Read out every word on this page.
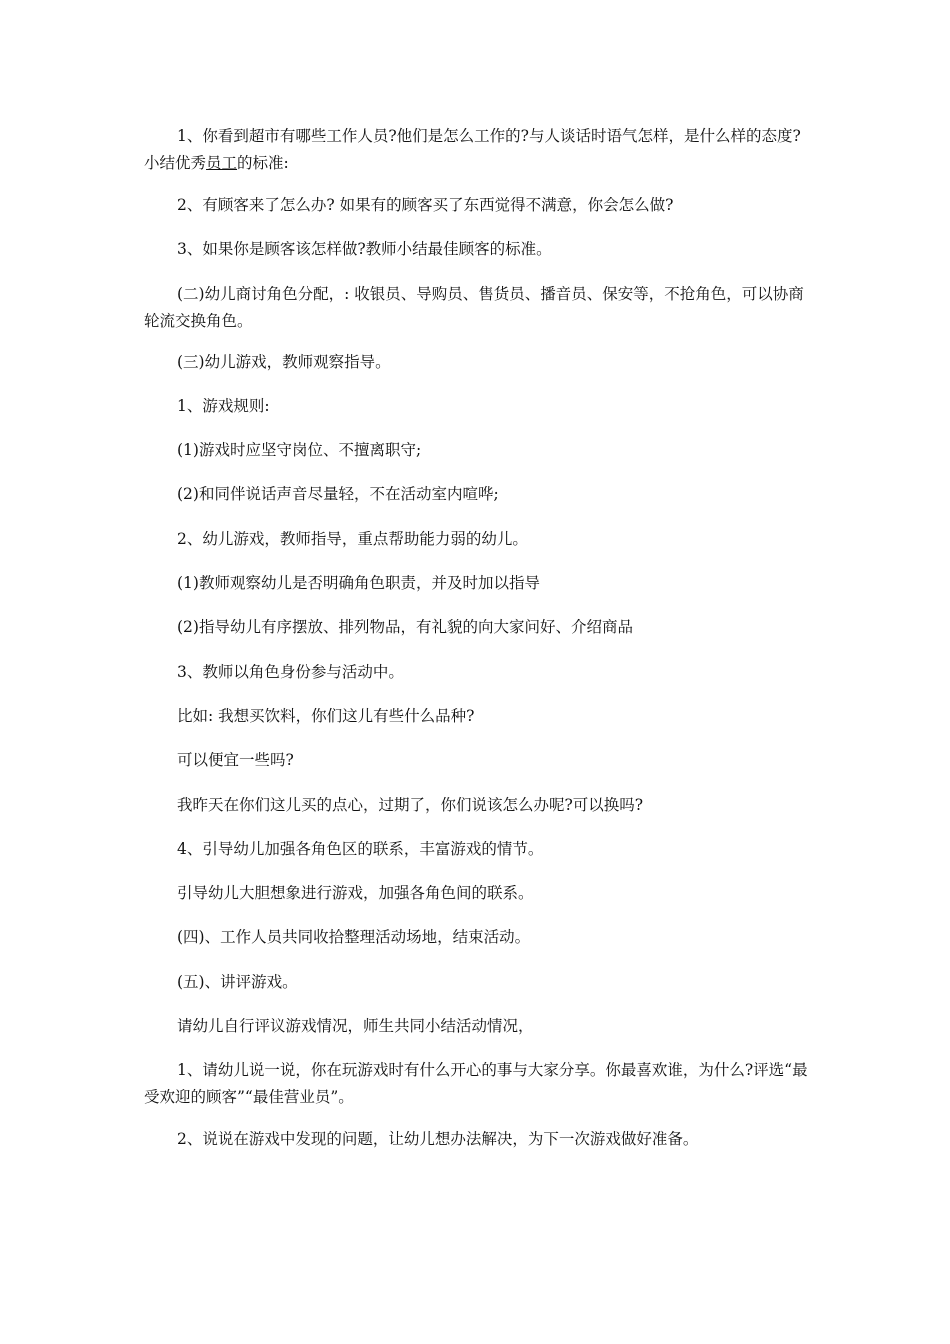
1、你看到超市有哪些工作人员?他们是怎么工作的?与人谈话时语气怎样，是什么样的态度?小结优秀员工的标准:

2、有顾客来了怎么办? 如果有的顾客买了东西觉得不满意，你会怎么做?

3、如果你是顾客该怎样做?教师小结最佳顾客的标准。

(二)幼儿商讨角色分配，: 收银员、导购员、售货员、播音员、保安等，不抢角色，可以协商轮流交换角色。

(三)幼儿游戏，教师观察指导。

1、游戏规则:

(1)游戏时应坚守岗位、不擅离职守;

(2)和同伴说话声音尽量轻，不在活动室内喧哗;

2、幼儿游戏，教师指导，重点帮助能力弱的幼儿。

(1)教师观察幼儿是否明确角色职责，并及时加以指导

(2)指导幼儿有序摆放、排列物品，有礼貌的向大家问好、介绍商品

3、教师以角色身份参与活动中。

比如: 我想买饮料，你们这儿有些什么品种?

可以便宜一些吗?

我昨天在你们这儿买的点心，过期了，你们说该怎么办呢?可以换吗?

4、引导幼儿加强各角色区的联系，丰富游戏的情节。

引导幼儿大胆想象进行游戏，加强各角色间的联系。

(四)、工作人员共同收拾整理活动场地，结束活动。

(五)、讲评游戏。

请幼儿自行评议游戏情况，师生共同小结活动情况，

1、请幼儿说一说，你在玩游戏时有什么开心的事与大家分享。你最喜欢谁，为什么?评选“最受欢迎的顾客”“最佳营业员”。

2、说说在游戏中发现的问题，让幼儿想办法解决，为下一次游戏做好准备。
